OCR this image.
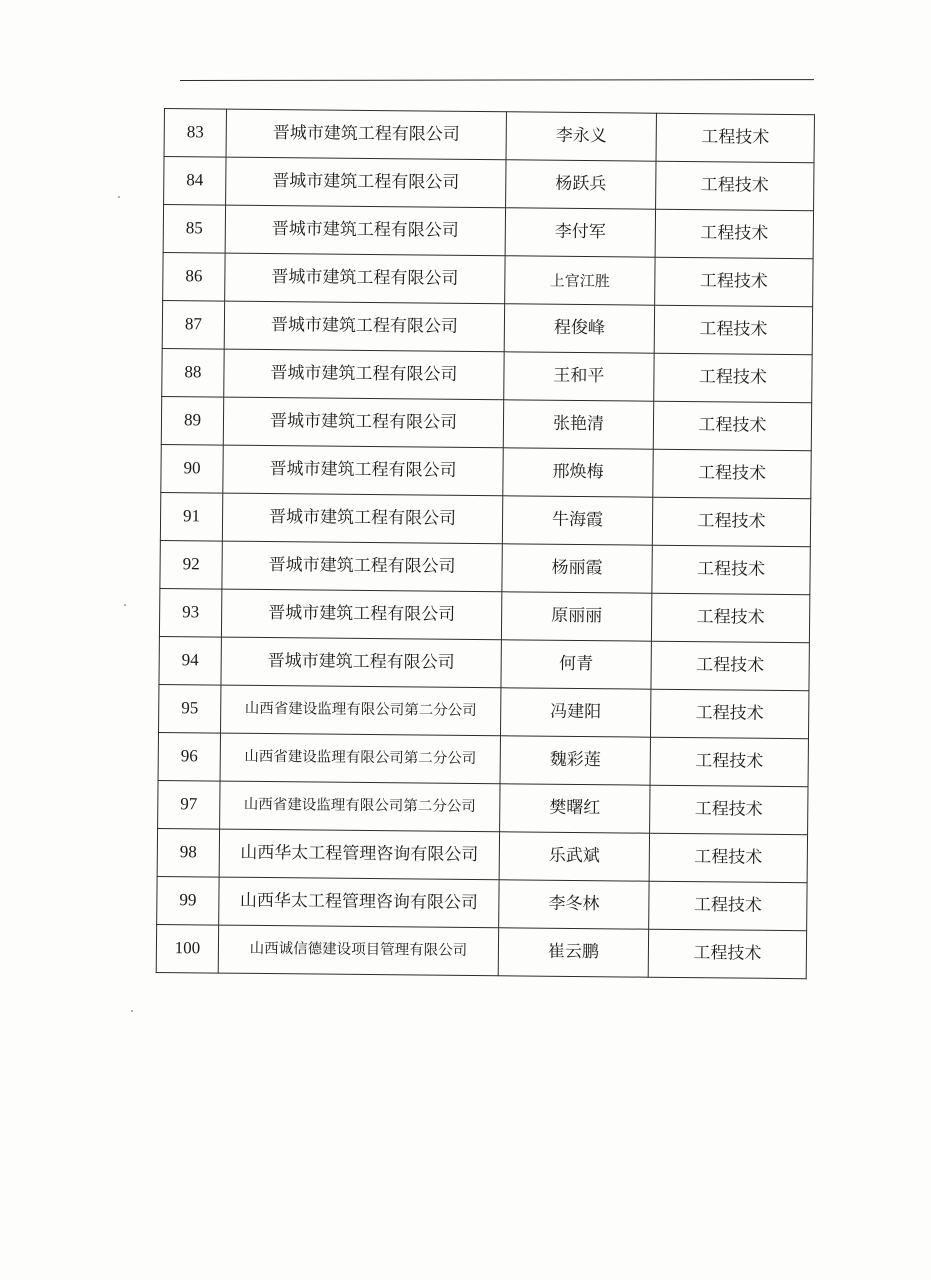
83	晋城市建筑工程有限公司	李永义	工程技术
84	晋城市建筑工程有限公司	杨跃兵	工程技术
85	晋城市建筑工程有限公司	李付军	工程技术
86	晋城市建筑工程有限公司	上官江胜	工程技术
87	晋城市建筑工程有限公司	程俊峰	工程技术
88	晋城市建筑工程有限公司	王和平	工程技术
89	晋城市建筑工程有限公司	张艳清	工程技术
90	晋城市建筑工程有限公司	邢焕梅	工程技术
91	晋城市建筑工程有限公司	牛海霞	工程技术
92	晋城市建筑工程有限公司	杨丽霞	工程技术
93	晋城市建筑工程有限公司	原丽丽	工程技术
94	晋城市建筑工程有限公司	何青	工程技术
95	山西省建设监理有限公司第二分公司	冯建阳	工程技术
96	山西省建设监理有限公司第二分公司	魏彩莲	工程技术
97	山西省建设监理有限公司第二分公司	樊曙红	工程技术
98	山西华太工程管理咨询有限公司	乐武斌	工程技术
99	山西华太工程管理咨询有限公司	李冬林	工程技术
100	山西诚信德建设项目管理有限公司	崔云鹏	工程技术
